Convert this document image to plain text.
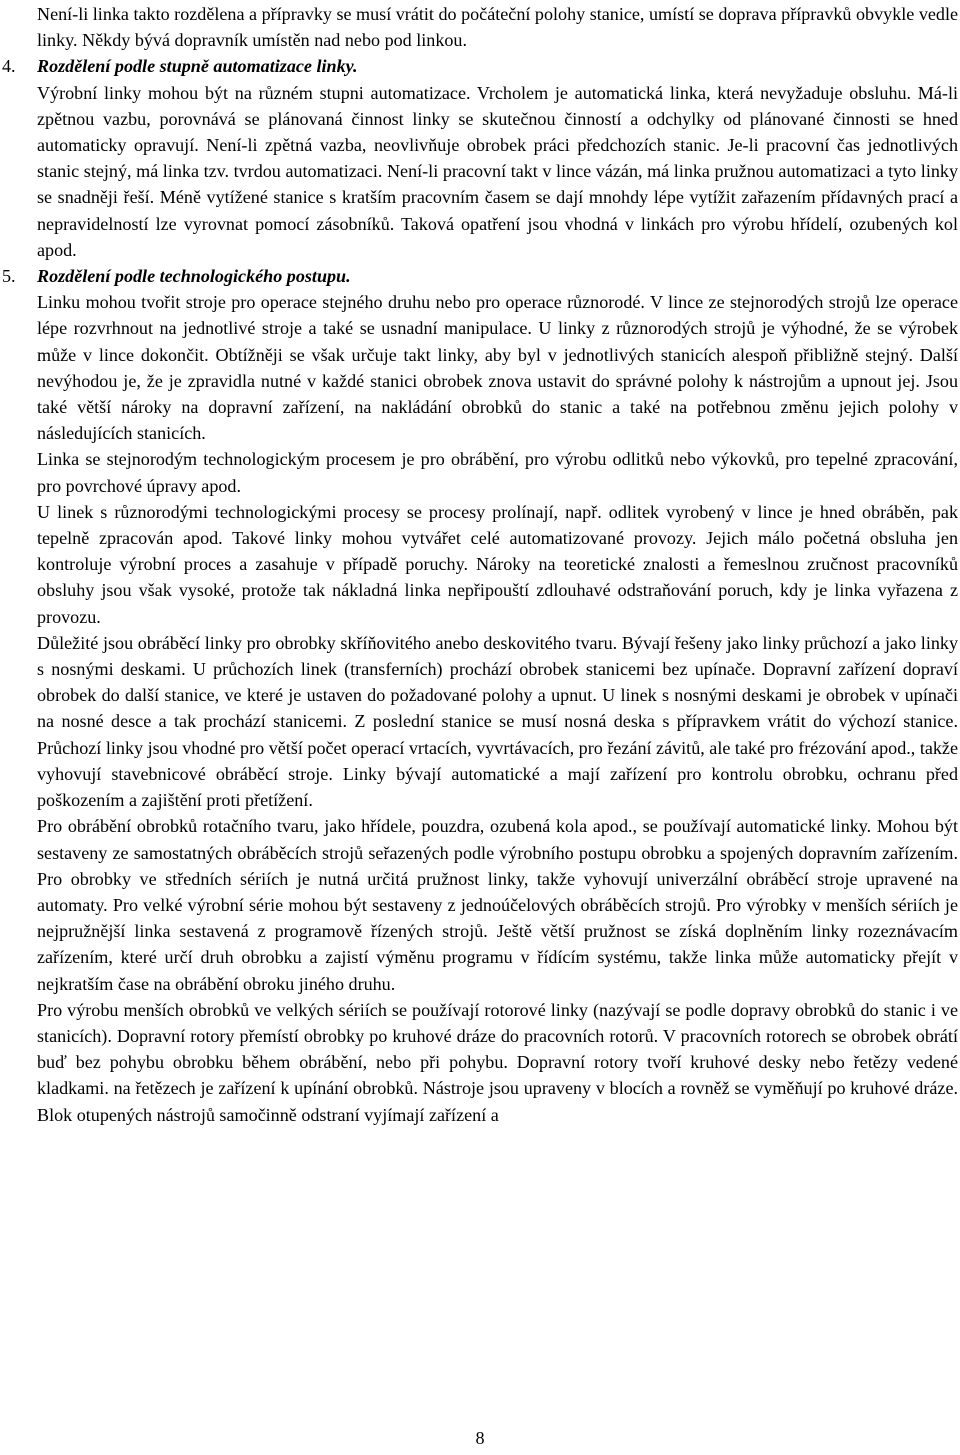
Není-li linka takto rozdělena a přípravky se musí vrátit do počáteční polohy stanice, umístí se doprava přípravků obvykle vedle linky. Někdy bývá dopravník umístěn nad nebo pod linkou.

4.	Rozdělení podle stupně automatizace linky.

Výrobní linky mohou být na různém stupni automatizace. Vrcholem je automatická linka, která nevyžaduje obsluhu. Má-li zpětnou vazbu, porovnává se plánovaná činnost linky se skutečnou činností a odchylky od plánované činnosti se hned automaticky opravují. Není-li zpětná vazba, neovlivňuje obrobek práci předchozích stanic. Je-li pracovní čas jednotlivých stanic stejný, má linka tzv. tvrdou automatizaci. Není-li pracovní takt v lince vázán, má linka pružnou automatizaci a tyto linky se snadněji řeší. Méně vytížené stanice s kratším pracovním časem se dají mnohdy lépe vytížit zařazením přídavných prací a nepravidelností lze vyrovnat pomocí zásobníků. Taková opatření jsou vhodná v linkách pro výrobu hřídelí, ozubených kol apod.

5.	Rozdělení podle technologického postupu.

Linku mohou tvořit stroje pro operace stejného druhu nebo pro operace různorodé. V lince ze stejnorodých strojů lze operace lépe rozvrhnout na jednotlivé stroje a také se usnadní manipulace. U linky z různorodých strojů je výhodné, že se výrobek může v lince dokončit. Obtížněji se však určuje takt linky, aby byl v jednotlivých stanicích alespoň přibližně stejný. Další nevýhodou je, že je zpravidla nutné v každé stanici obrobek znova ustavit do správné polohy k nástrojům a upnout jej. Jsou také větší nároky na dopravní zařízení, na nakládání obrobků do stanic a také na potřebnou změnu jejich polohy v následujících stanicích.

Linka se stejnorodým technologickým procesem je pro obrábění, pro výrobu odlitků nebo výkovků, pro tepelné zpracování, pro povrchové úpravy apod.

U linek s různorodými technologickými procesy se procesy prolínají, např. odlitek vyrobený v lince je hned obráběn, pak tepelně zpracován apod. Takové linky mohou vytvářet celé automatizované provozy. Jejich málo početná obsluha jen kontroluje výrobní proces a zasahuje v případě poruchy. Nároky na teoretické znalosti a řemeslnou zručnost pracovníků obsluhy jsou však vysoké, protože tak nákladná linka nepřipouští zdlouhavé odstraňování poruch, kdy je linka vyřazena z provozu.

Důležité jsou obráběcí linky pro obrobky skříňovitého anebo deskovitého tvaru. Bývají řešeny jako linky průchozí a jako linky s nosnými deskami. U průchozích linek (transferních) prochází obrobek stanicemi bez upínače. Dopravní zařízení dopraví obrobek do další stanice, ve které je ustaven do požadované polohy a upnut. U linek s nosnými deskami je obrobek v upínači na nosné desce a tak prochází stanicemi. Z poslední stanice se musí nosná deska s přípravkem vrátit do výchozí stanice. Průchozí linky jsou vhodné pro větší počet operací vrtacích, vyvrtávacích, pro řezání závitů, ale také pro frézování apod., takže vyhovují stavebnicové obráběcí stroje. Linky bývají automatické a mají zařízení pro kontrolu obrobku, ochranu před poškozením a zajištění proti přetížení.

Pro obrábění obrobků rotačního tvaru, jako hřídele, pouzdra, ozubená kola apod., se používají automatické linky. Mohou být sestaveny ze samostatných obráběcích strojů seřazených podle výrobního postupu obrobku a spojených dopravním zařízením. Pro obrobky ve středních sériích je nutná určitá pružnost linky, takže vyhovují univerzální obráběcí stroje upravené na automaty. Pro velké výrobní série mohou být sestaveny z jednoúčelových obráběcích strojů. Pro výrobky v menších sériích je nejpružnější linka sestavená z programově řízených strojů. Ještě větší pružnost se získá doplněním linky rozeznávacím zařízením, které určí druh obrobku a zajistí výměnu programu v řídícím systému, takže linka může automaticky přejít v nejkratším čase na obrábění obroku jiného druhu.

Pro výrobu menších obrobků ve velkých sériích se používají rotorové linky (nazývají se podle dopravy obrobků do stanic i ve stanicích). Dopravní rotory přemístí obrobky po kruhové dráze do pracovních rotorů. V pracovních rotorech se obrobek obrátí buď bez pohybu obrobku během obrábění, nebo při pohybu. Dopravní rotory tvoří kruhové desky nebo řetězy vedené kladkami. na řetězech je zařízení k upínání obrobků. Nástroje jsou upraveny v blocích a rovněž se vyměňují po kruhové dráze. Blok otupených nástrojů samočinně odstraní vyjímají zařízení a

8
